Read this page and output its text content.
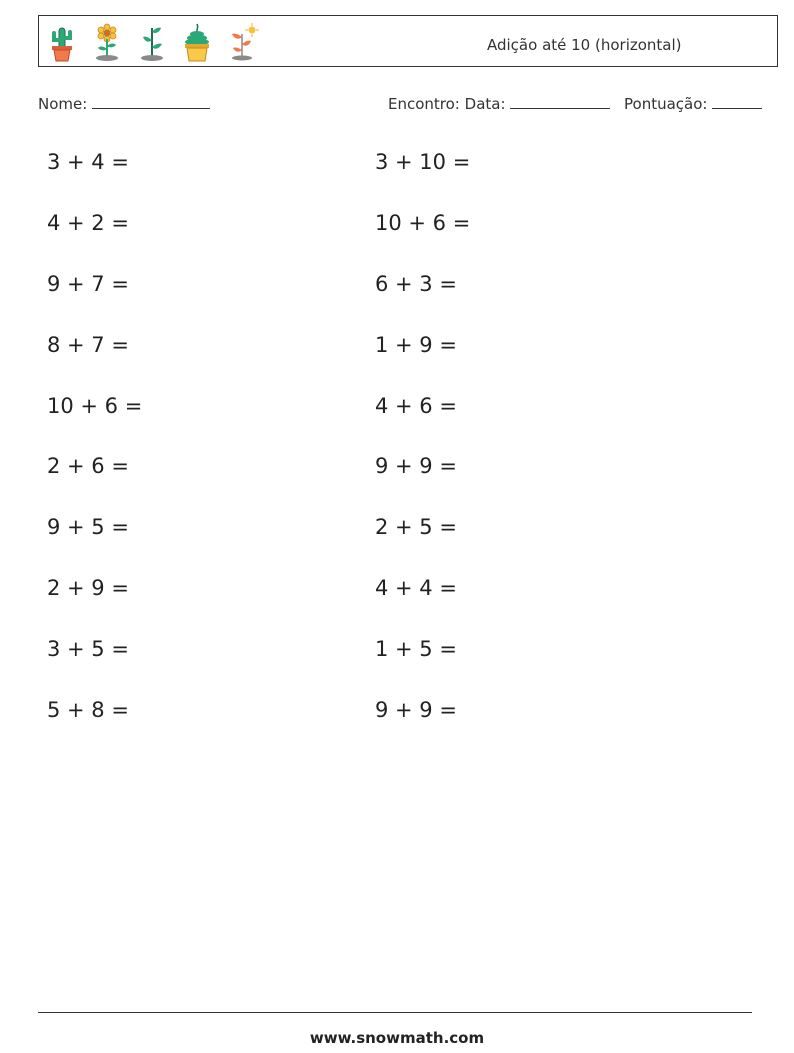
Adição até 10 (horizontal)
Nome:	Encontro: Data:	Pontuação:
3 + 4 =
4 + 2 =
9 + 7 =
8 + 7 =
10 + 6 =
2 + 6 =
9 + 5 =
2 + 9 =
3 + 5 =
5 + 8 =
3 + 10 =
10 + 6 =
6 + 3 =
1 + 9 =
4 + 6 =
9 + 9 =
2 + 5 =
4 + 4 =
1 + 5 =
9 + 9 =
www.snowmath.com
